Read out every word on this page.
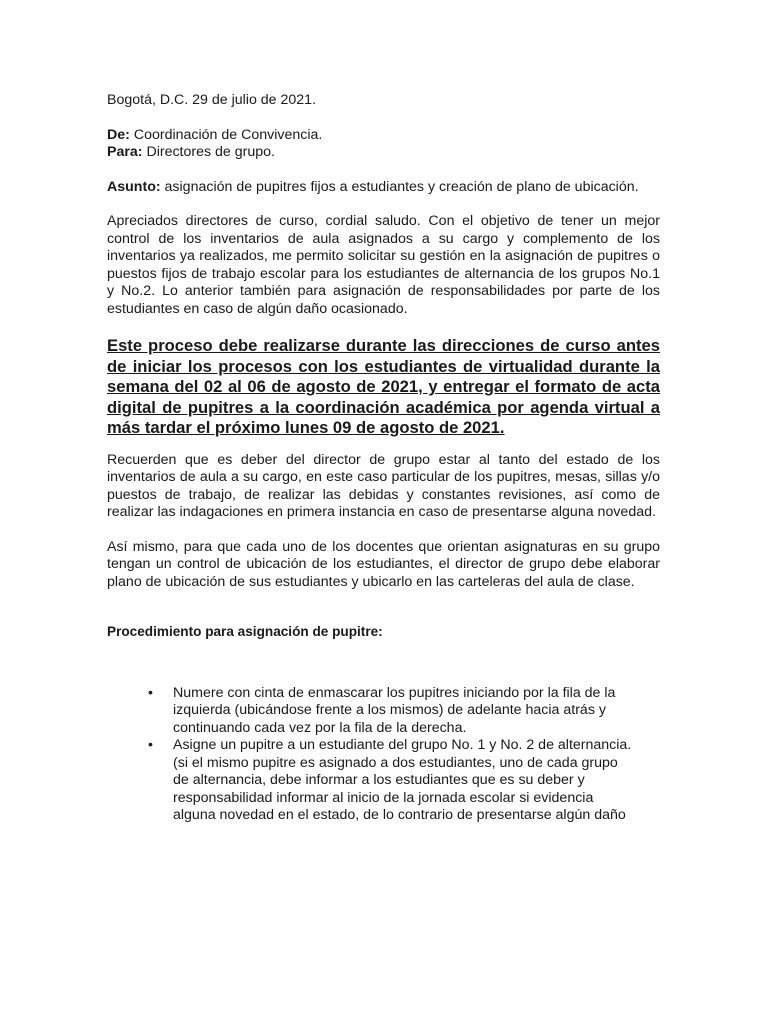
Bogotá, D.C. 29 de julio de 2021.

De: Coordinación de Convivencia.

Para: Directores de grupo.

Asunto: asignación de pupitres fijos a estudiantes y creación de plano de ubicación.

Apreciados directores de curso, cordial saludo. Con el objetivo de tener un mejor control de los inventarios de aula asignados a su cargo y complemento de los inventarios ya realizados, me permito solicitar su gestión en la asignación de pupitres o puestos fijos de trabajo escolar para los estudiantes de alternancia de los grupos No.1 y No.2. Lo anterior también para asignación de responsabilidades por parte de los estudiantes en caso de algún daño ocasionado.

Este proceso debe realizarse durante las direcciones de curso antes de iniciar los procesos con los estudiantes de virtualidad durante la semana del 02 al 06 de agosto de 2021, y entregar el formato de acta digital de pupitres a la coordinación académica por agenda virtual a más tardar el próximo lunes 09 de agosto de 2021.

Recuerden que es deber del director de grupo estar al tanto del estado de los inventarios de aula a su cargo, en este caso particular de los pupitres, mesas, sillas y/o puestos de trabajo, de realizar las debidas y constantes revisiones, así como de realizar las indagaciones en primera instancia en caso de presentarse alguna novedad.

Así mismo, para que cada uno de los docentes que orientan asignaturas en su grupo tengan un control de ubicación de los estudiantes, el director de grupo debe elaborar plano de ubicación de sus estudiantes y ubicarlo en las carteleras del aula de clase.

Procedimiento para asignación de pupitre:

• Numere con cinta de enmascarar los pupitres iniciando por la fila de la izquierda (ubicándose frente a los mismos) de adelante hacia atrás y continuando cada vez por la fila de la derecha.
• Asigne un pupitre a un estudiante del grupo No. 1 y No. 2 de alternancia. (si el mismo pupitre es asignado a dos estudiantes, uno de cada grupo de alternancia, debe informar a los estudiantes que es su deber y responsabilidad informar al inicio de la jornada escolar si evidencia alguna novedad en el estado, de lo contrario de presentarse algún daño
